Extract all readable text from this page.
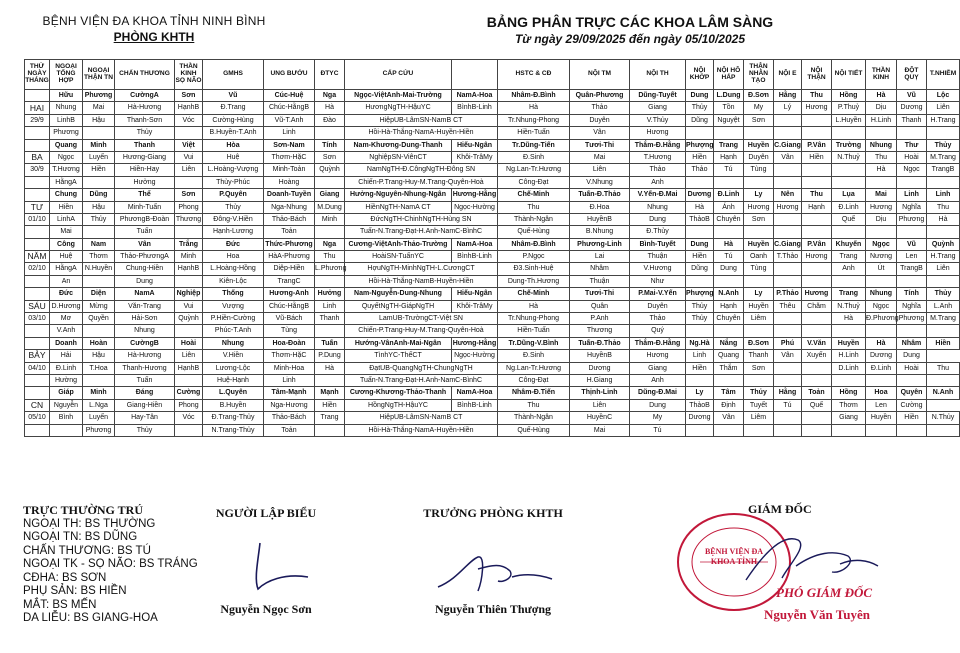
BỆNH VIỆN ĐA KHOA TỈNH NINH BÌNH
PHÒNG KHTH
BẢNG PHÂN TRỰC CÁC KHOA LÂM SÀNG
Từ ngày 29/09/2025 đến ngày 05/10/2025
THỨ NGÀY THÁNG	NGOẠI TỔNG HỢP	NGOẠI THẬN TN	CHẤN THƯƠNG	THẦN KINH SỌ NÃO	GMHS	UNG BƯỚU	ĐTYC	CẤP CỨU		HSTC & CĐ	NỘI TM	NỘI TH	NỘI KHỚP	NỘI HÔ HẤP	THẬN NHÂN TẠO	NỘI E	NỘI THẬN	NỘI TIẾT	THẦN KINH	ĐỘT QUỴ	T.NHIỄM	
	Hữu	Phương	CườngA	Sơn	Vũ	Cúc-Huệ	Nga	Ngọc-ViệtAnh-Mai-Trường	NamA-Hoa	Nhâm-Đ.Bình	Quân-Phương	Dũng-Tuyết	Dung	L.Dung	Đ.Sơn	Hằng	Thu	Hồng	Hà	Vũ	Lộc	
HAI	Nhung	Mai	Hà-Hương	HạnhB	Đ.Trang	Chúc-HằngB	Hà	HươngNgTH-HậuYC	BìnhB-Linh	Hà	Thảo	Giang	Thủy	Tồn	My	Lý	Hương	P.Thuỷ	Dịu	Dương	Liên	
29/9	LinhB	Hậu	Thanh-Sơn	Vóc	Cường-Hùng	Vũ-T.Anh	Đào	HiệpUB-LâmSN-NamB CT		Tr.Nhung-Phong	Duyên	V.Thủy	Dũng	Nguyệt	Sơn			L.Huyền	H.Linh	Thanh	H.Trang	
	Phương		Thủy		B.Huyền-T.Anh	Linh		Hồi-Hà-Thắng-NamA-Huyền-Hiền		Hiền-Tuấn	Vân	Hương										
	Quang	Minh	Thanh	Việt	Hòa	Sơn-Nam	Tính	Nam-Khương-Dung-Thanh	Hiếu-Ngân	Tr.Dũng-Tiến	Tươi-Thi	Thắm-Đ.Hằng	Phượng	Trang	Huyền	C.Giang	P.Vân	Trường	Nhung	Thư	Thủy	
BA	Ngọc	Luyến	Hương-Giang	Vui	Huệ	Thơm-HặC	Sơn	NghiệpSN-ViênCT	Khôi-TrâMy	Đ.Sinh	Mai	T.Hương	Hiền	Hạnh	Duyên	Vân	Hiền	N.Thuỷ	Thu	Hoài	M.Trang	
30/9	T.Hương	Hiền	Hiền-Hay	Liên	L.Hoàng-Vượng	Minh-Toản	Quỳnh	NamNgTH-Đ.CôngNgTH-Đông SN		Ng.Lan-Tr.Hương	Liên	Thảo	Thảo	Tú	Tùng				Hà	Ngọc	TrangB	
	HằngA		Hưởng		Thủy-Phúc	Hoàng		Chiến-P.Trang-Huy-M.Trang-Quyên-Hoà		Công-Đạt	V.Nhung	Anh										
	Chung	Dũng	Thể	Sơn	P.Quyên	Doanh-Tuyền	Giang	Hưởng-Nguyên-Nhung-Ngân	Hương-Hằng	Chế-Minh	Tuấn-Đ.Thảo	V.Yến-Đ.Mai	Dương	Đ.Linh	Ly	Nên	Thu	Lụa	Mai	Linh	Linh	
TƯ	Hiền	Hậu	Minh-Tuấn	Phong	Thủy	Nga-Nhung	M.Dung	HiềnNgTH-NamA CT	Ngọc-Hường	Thu	Đ.Hoa	Nhung	Hà	Ánh	Hương	Hương	Hạnh	Đ.Linh	Hương	Nghĩa	Thu	
01/10	LinhA	Thủy	PhươngB-Đoàn	Thương	Đông-V.Hiền	Thảo-Bách	Minh	ĐứcNgTH-ChinhNgTH-Hùng SN		Thành-Ngân	HuyềnB	Dung	ThảoB	Chuyên	Sơn			Quế	Dịu	Phương	Hà	
	Mai		Tuấn		Hạnh-Lương	Toản		Tuấn-N.Trang-Đạt-H.Anh-NamC-BìnhC		Quế-Hùng	B.Nhung	Đ.Thủy										
	Công	Nam	Vân	Trắng	Đức	Thức-Phương	Nga	Cương-ViệtAnh-Thảo-Trường	NamA-Hoa	Nhâm-Đ.Bình	Phương-Linh	Bình-Tuyết	Dung	Hà	Huyền	C.Giang	P.Vân	Khuyến	Ngọc	Vũ	Quỳnh	
NĂM	Huệ	Thơm	Thảo-PhươngA	Minh	Hoa	HàA-Phương	Thu	HoàiSN-TuấnYC	BìnhB-Linh	P.Ngọc	Lai	Thuận	Hiền	Tú	Oanh	T.Thảo	Hương	Trang	Nương	Len	H.Trang	
02/10	HằngA	N.Huyền	Chung-Hiền	HạnhB	L.Hoàng-Hồng	Diệp-Hiền	L.Phương	HợuNgTH-MinhNgTH-L.CươngCT		Đ3.Sinh-Huệ	Nhâm	V.Hương	Dũng	Dung	Tùng			Anh	Út	TrangB	Liên	
	An		Dung		Kiên-Lộc	TrangC		Hồi-Hà-Thắng-NamB-Huyền-Hiền		Dung-Th.Hương	Thuận	Như										
	Đức	Diện	NamA	Nghiệp	Thống	Hương-Anh	Hưởng	Nam-Nguyễn-Dung-Nhung	Hiếu-Ngân	Chế-Minh	Tươi-Thi	P.Mai-V.Yến	Phượng	N.Anh	Ly	P.Thảo	Hương	Trang	Nhung	Tính	Thủy	
SÁU	D.Hương	Mừng	Văn-Trang	Vui	Vượng	Chúc-HằngB	Linh	QuyếtNgTH-GiápNgTH	Khôi-TrâMy	Hà	Quân	Duyên	Thủy	Hạnh	Huyền	Thêu	Chăm	N.Thuỷ	Ngọc	Nghĩa	L.Anh	
03/10	Mơ	Quyền	Hải-Sơn	Quỳnh	P.Hiền-Cường	Vũ-Bách	Thanh	LamUB-TrườngCT-Việt SN		Tr.Nhung-Phong	P.Anh	Thảo	Thủy	Chuyên	Liêm			Hà	Đ.Phương	Phương	M.Trang	
	V.Anh		Nhung		Phúc-T.Anh	Tùng		Chiến-P.Trang-Huy-M.Trang-Quyên-Hoà		Hiền-Tuấn	Thương	Quý										
	Doanh	Hoàn	CườngB	Hoài	Nhung	Hoa-Đoàn	Tuấn	Hướng-VânAnh-Mai-Ngân	Hương-Hằng	Tr.Dũng-V.Bình	Tuấn-Đ.Thảo	Thắm-Đ.Hằng	Ng.Hà	Nắng	Đ.Sơn	Phú	V.Văn	Huyền	Hà	Nhâm	Hiền	
BẢY	Hải	Hậu	Hà-Hương	Liên	V.Hiền	Thơm-HặC	P.Dung	TìnhYC-ThếCT	Ngọc-Hường	Đ.Sinh	HuyềnB	Hương	Linh	Quang	Thanh	Vân	Xuyến	H.Linh	Dương	Dung		
04/10	Đ.Linh	T.Hoa	Thanh-Hương	HạnhB	Lương-Lộc	Minh-Hoa	Hà	ĐạtUB-QuangNgTH-ChungNgTH		Ng.Lan-Tr.Hương	Dương	Giang	Hiền	Thắm	Sơn			D.Linh	Đ.Linh	Hoài	Thu	
	Hường		Tuấn		Huệ-Hạnh	Linh		Tuấn-N.Trang-Đạt-H.Anh-NamC-BìnhC		Công-Đạt	H.Giang	Anh										
	Giáp	Minh	Đáng	Cường	L.Quyên	Tâm-Mạnh	Mạnh	Cương-Khương-Thảo-Thanh	NamA-Hoa	Nhâm-Đ.Tiến	Thịnh-Linh	Dũng-Đ.Mai	Ly	Tâm	Thủy	Hằng	Toản	Hồng	Hoa	Quyên	N.Anh	
CN	Nguyễn	L.Nga	Giang-Hiền	Phong	B.Huyền	Nga-Hương	Hiền	HồngNgTH-HậuYC	BìnhB-Linh	Thu	Liên	Dung	ThảoB	Định	Tuyết	Tú	Quế	Thơm	Len	Cường		
05/10	Bình	Luyến	Hay-Tân	Vóc	Đ.Trang-Thủy	Thảo-Bách	Trang	HiệpUB-LâmSN-NamB CT		Thành-Ngân	HuyềnC	My	Dương	Vân	Liêm			Giang	Huyền	Hiền	N.Thủy	
		Phương	Thủy		N.Trang-Thủy	Toản		Hồi-Hà-Thắng-NamA-Huyền-Hiền		Quế-Hùng	Mai	Tú										
TRỰC THƯỜNG TRÚ
NGOẠI TH: BS THƯỜNG
NGOẠI TN: BS DŨNG
CHẤN THƯƠNG: BS TÚ
NGOẠI TK - SỌ NÃO: BS TRÁNG
CĐHA: BS SƠN
PHỤ SẢN: BS HIỀN
MẮT: BS MẾN
DA LIỄU: BS GIANG-HOA
NGƯỜI LẬP BIỂU
Nguyễn Ngọc Sơn
TRƯỞNG PHÒNG KHTH
Nguyễn Thiên Thượng
BỆNH VIỆN ĐA KHOA TỈNH
GIÁM ĐỐC
PHÓ GIÁM ĐỐC
Nguyễn Văn Tuyên
